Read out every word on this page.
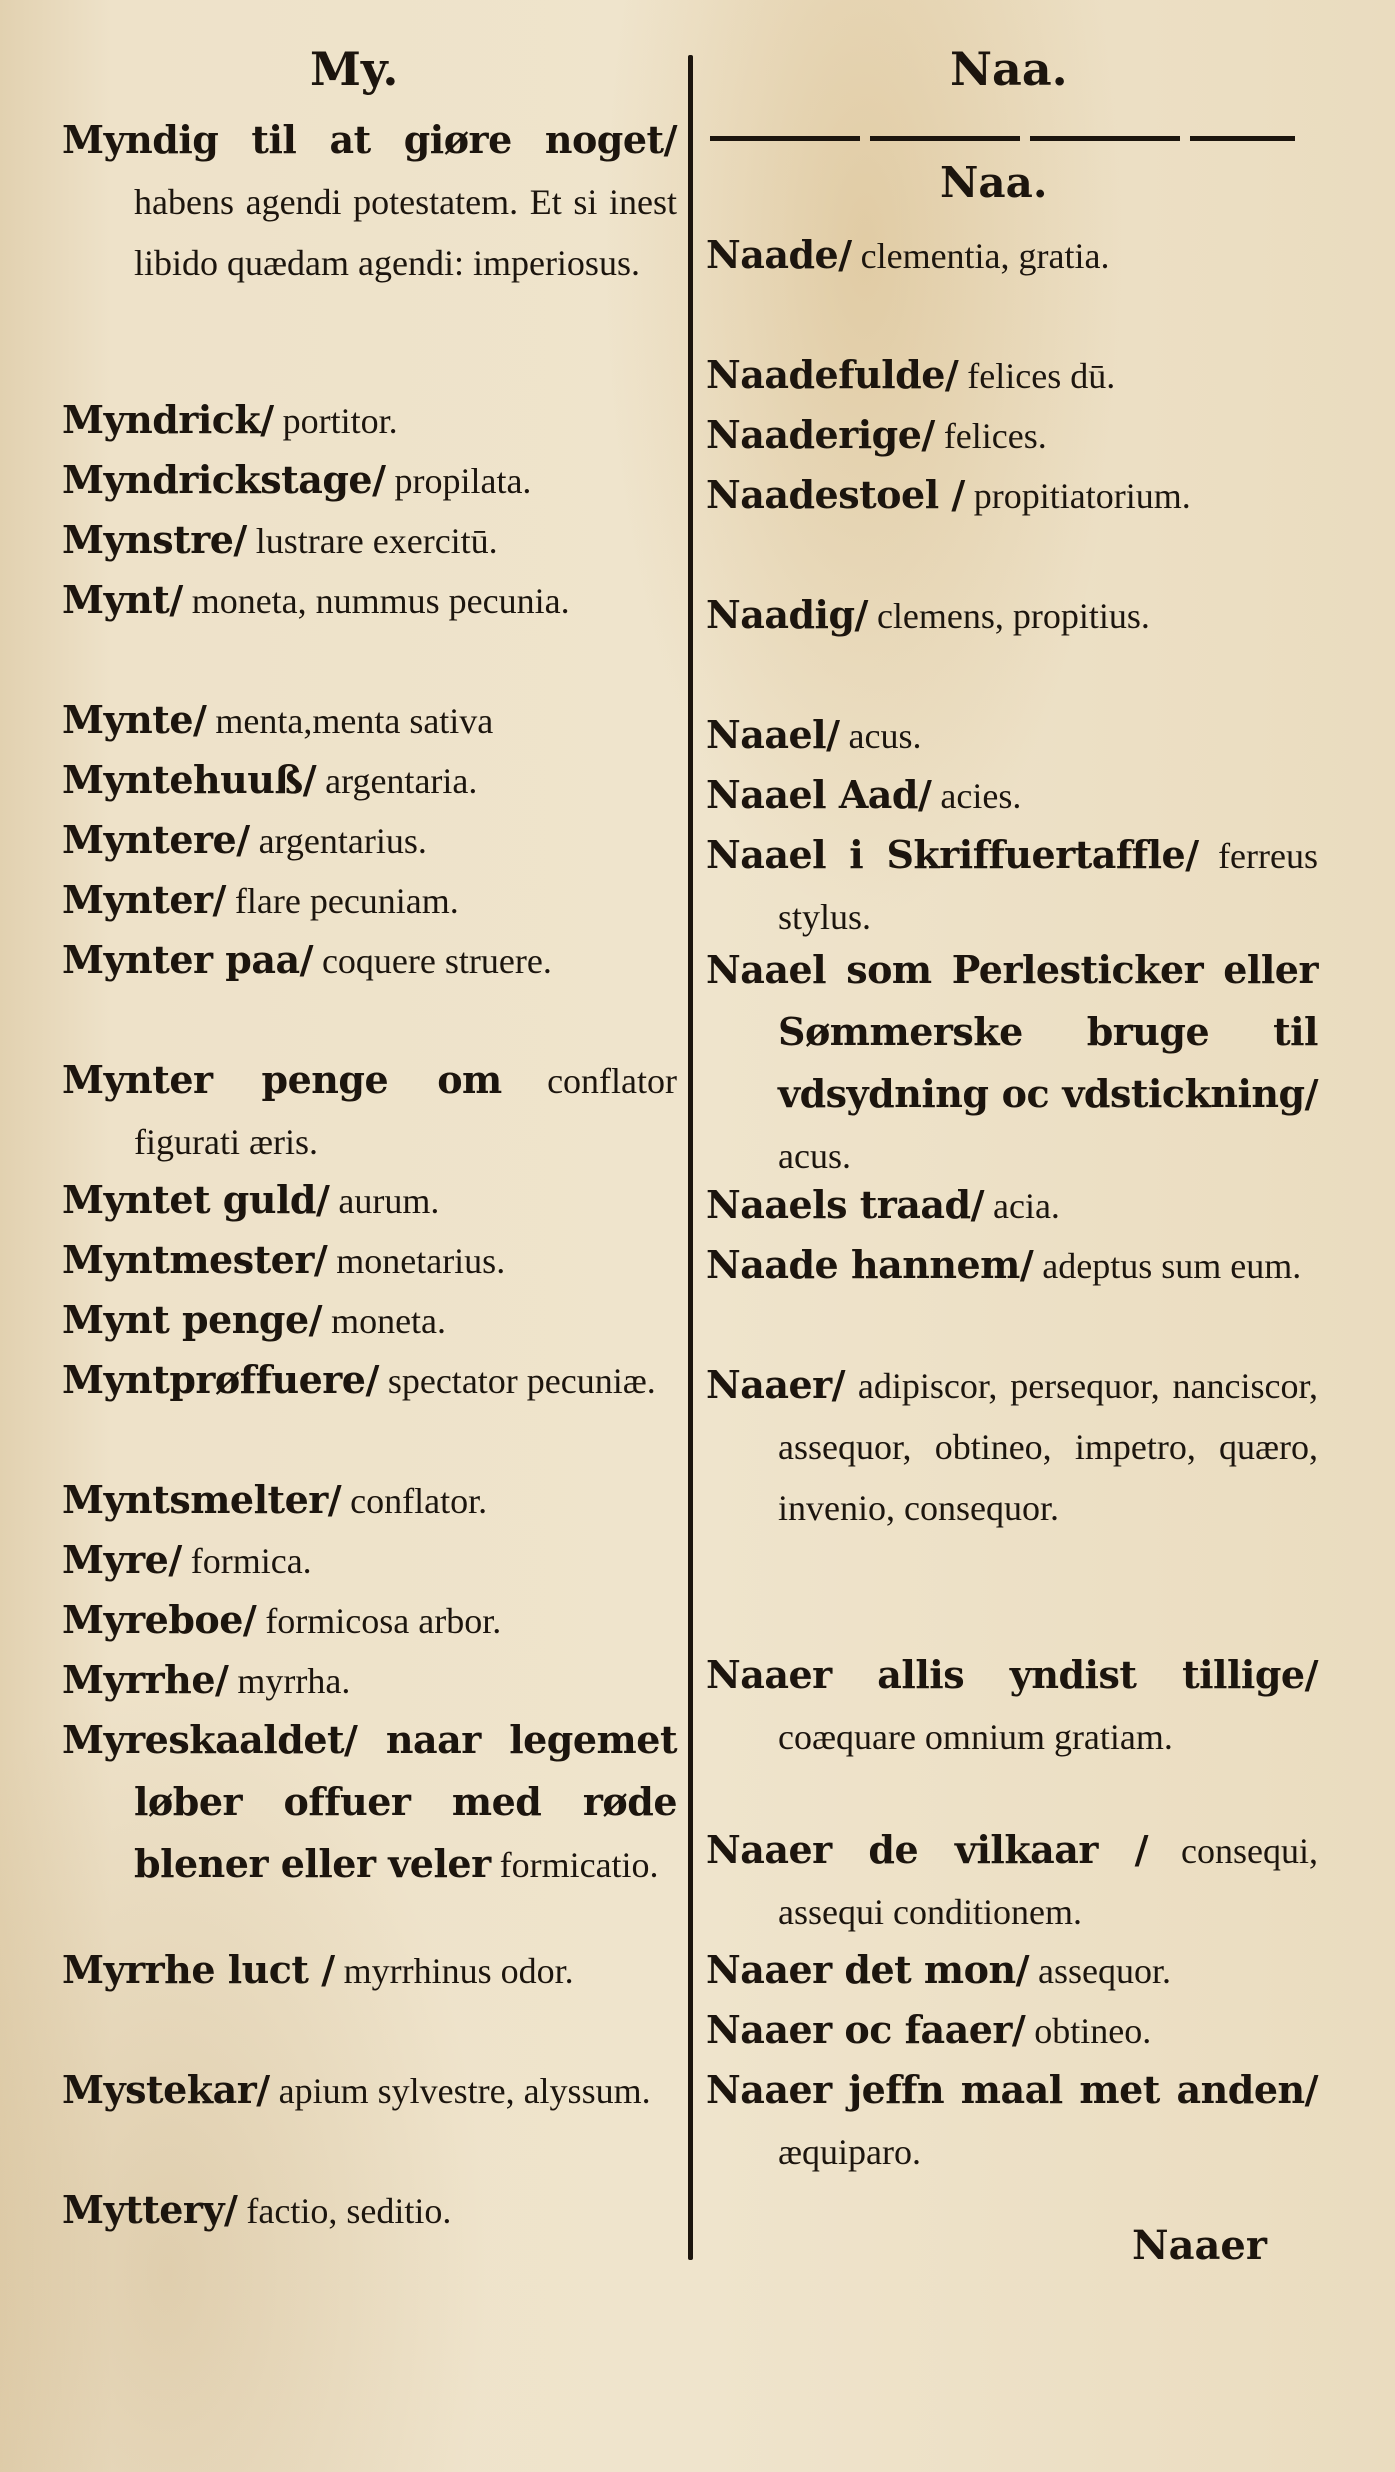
My.	Naa.
Naa.
Myndig til at giøre noget/ habens agendi potestatem. Et si inest libido quædam agendi: imperiosus.
Myndrick/ portitor.
Myndrickstage/ propilata.
Mynstre/ lustrare exercitū.
Mynt/ moneta, nummus pecunia.
Mynte/ menta,menta sativa
Myntehuuß/ argentaria.
Myntere/ argentarius.
Mynter/ flare pecuniam.
Mynter paa/ coquere struere.
Mynter penge om conflator figurati æris.
Myntet guld/ aurum.
Myntmester/ monetarius.
Mynt penge/ moneta.
Myntprøffuere/ spectator pecuniæ.
Myntsmelter/ conflator.
Myre/ formica.
Myreboe/ formicosa arbor.
Myrrhe/ myrrha.
Myreskaaldet/ naar legemet løber offuer med røde blener eller veler formicatio.
Myrrhe luct / myrrhinus odor.
Mystekar/ apium sylvestre, alyssum.
Myttery/ factio, seditio.
Naade/ clementia, gratia.
Naadefulde/ felices dū.
Naaderige/ felices.
Naadestoel / propitiatorium.
Naadig/ clemens, propitius.
Naael/ acus.
Naael Aad/ acies.
Naael i Skriffuertaffle/ ferreus stylus.
Naael som Perlesticker eller Sømmerske bruge til vdsydning oc vdstickning/ acus.
Naaels traad/ acia.
Naade hannem/ adeptus sum eum.
Naaer/ adipiscor, persequor, nanciscor, assequor, obtineo, impetro, quæro, invenio, consequor.
Naaer allis yndist tillige/ coæquare omnium gratiam.
Naaer de vilkaar / consequi, assequi conditionem.
Naaer det mon/ assequor.
Naaer oc faaer/ obtineo.
Naaer jeffn maal met anden/ æquiparo.
Naaer
